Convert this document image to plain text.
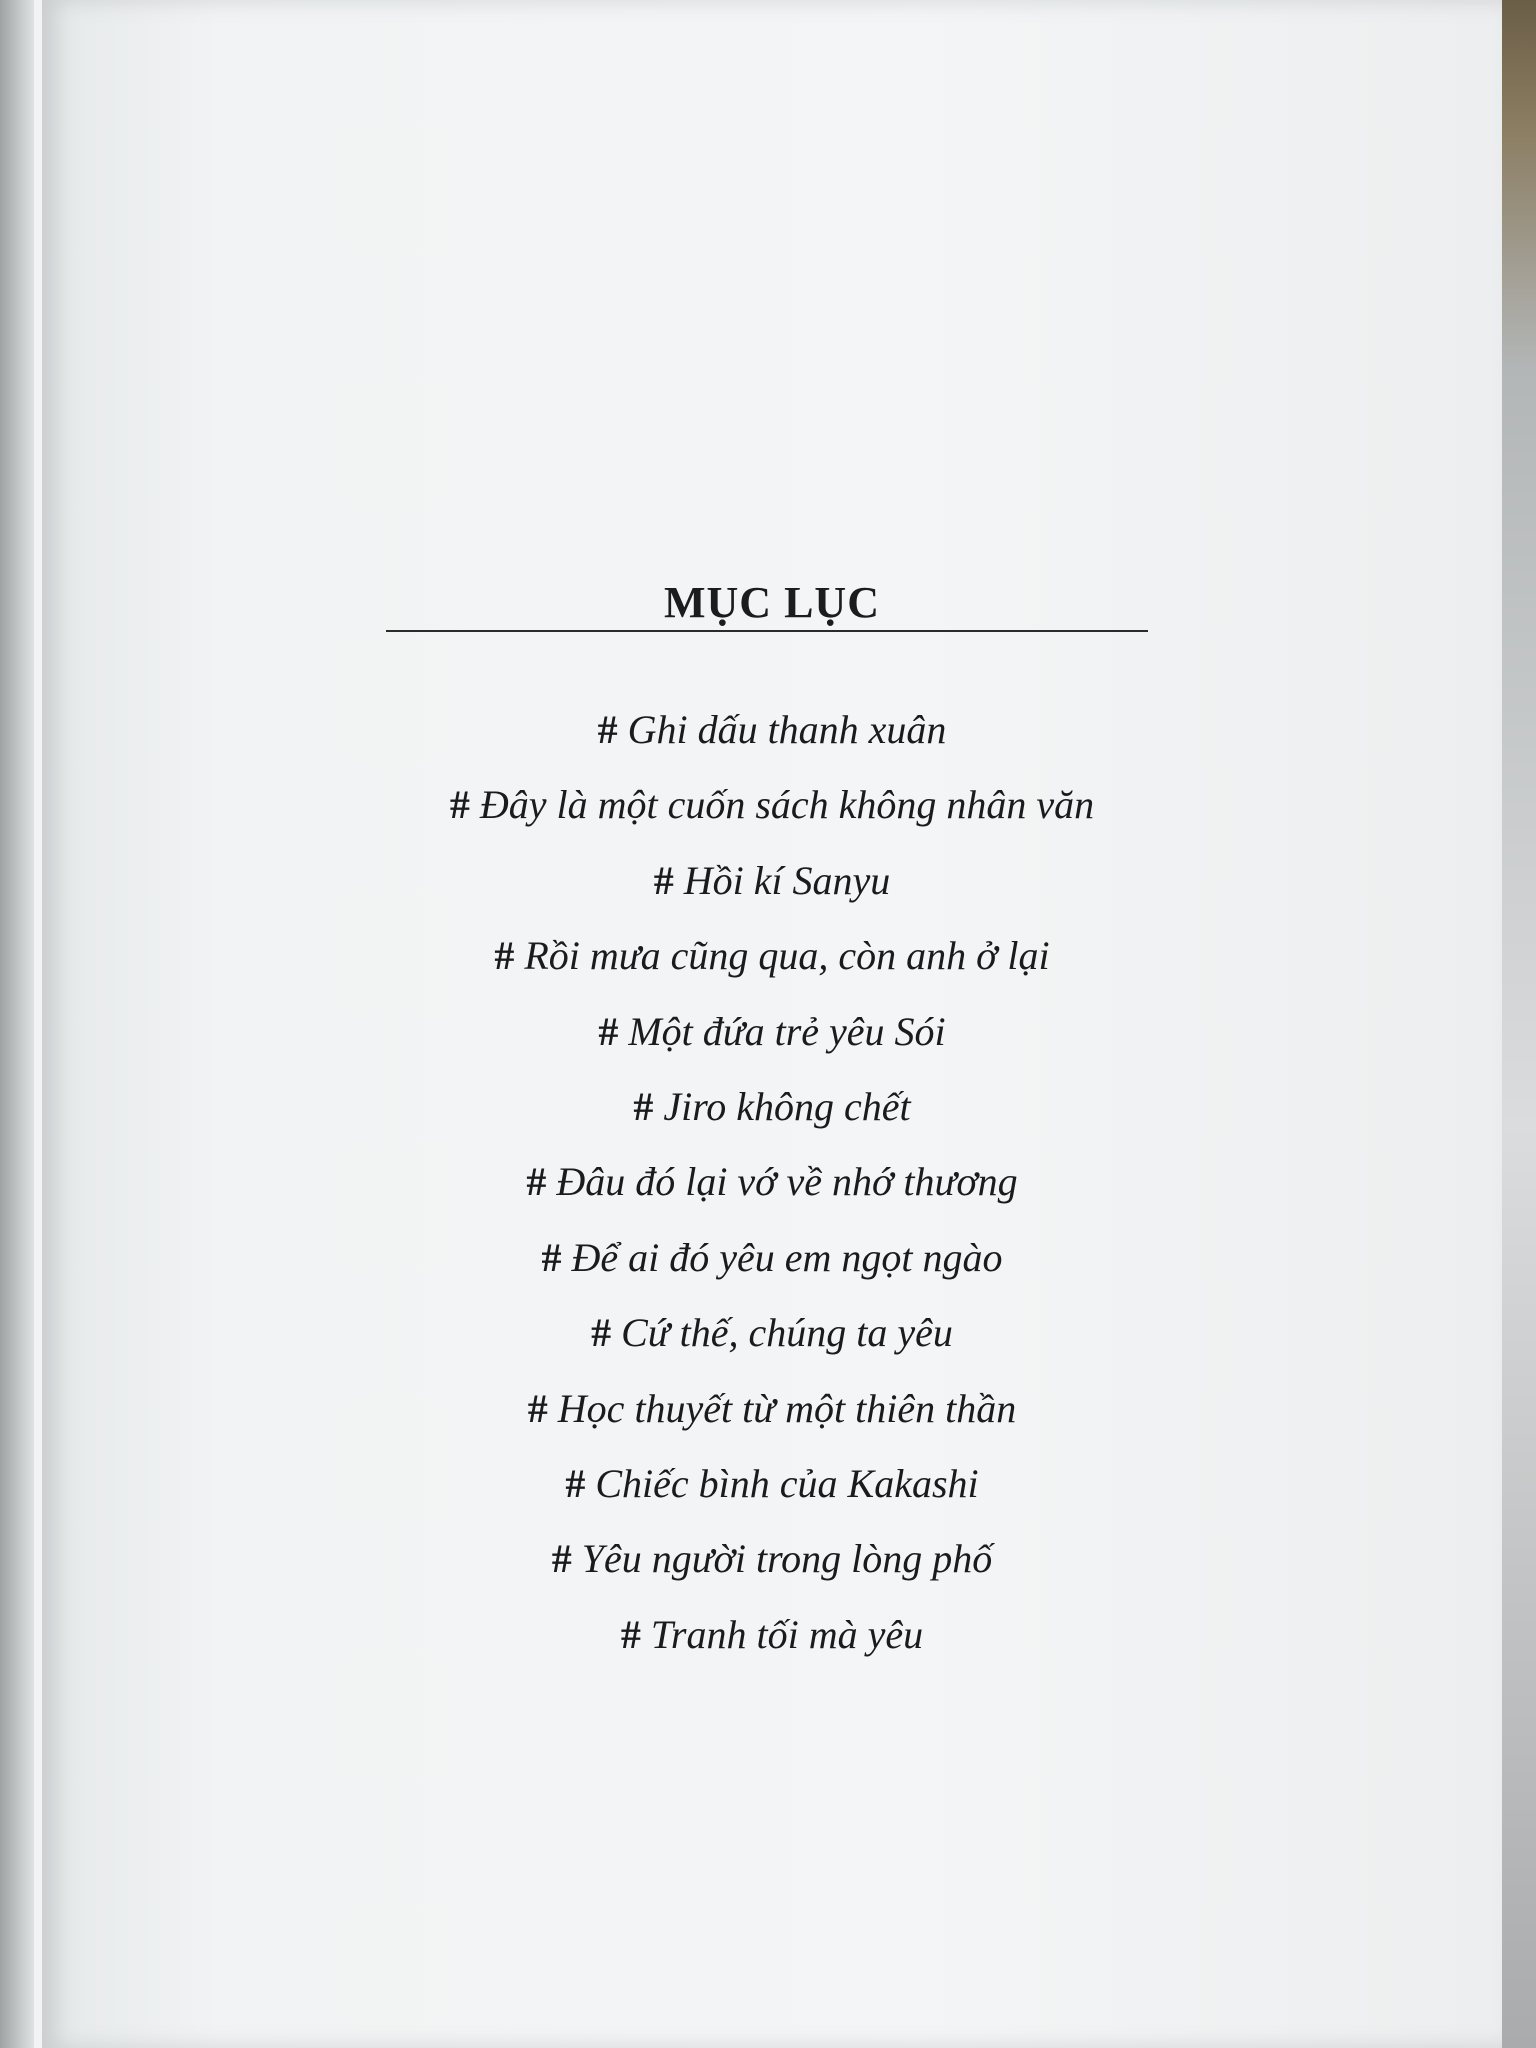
MỤC LỤC
# Ghi dấu thanh xuân
# Đây là một cuốn sách không nhân văn
# Hồi kí Sanyu
# Rồi mưa cũng qua, còn anh ở lại
# Một đứa trẻ yêu Sói
# Jiro không chết
# Đâu đó lại vớ về nhớ thương
# Để ai đó yêu em ngọt ngào
# Cứ thế, chúng ta yêu
# Học thuyết từ một thiên thần
# Chiếc bình của Kakashi
# Yêu người trong lòng phố
# Tranh tối mà yêu
